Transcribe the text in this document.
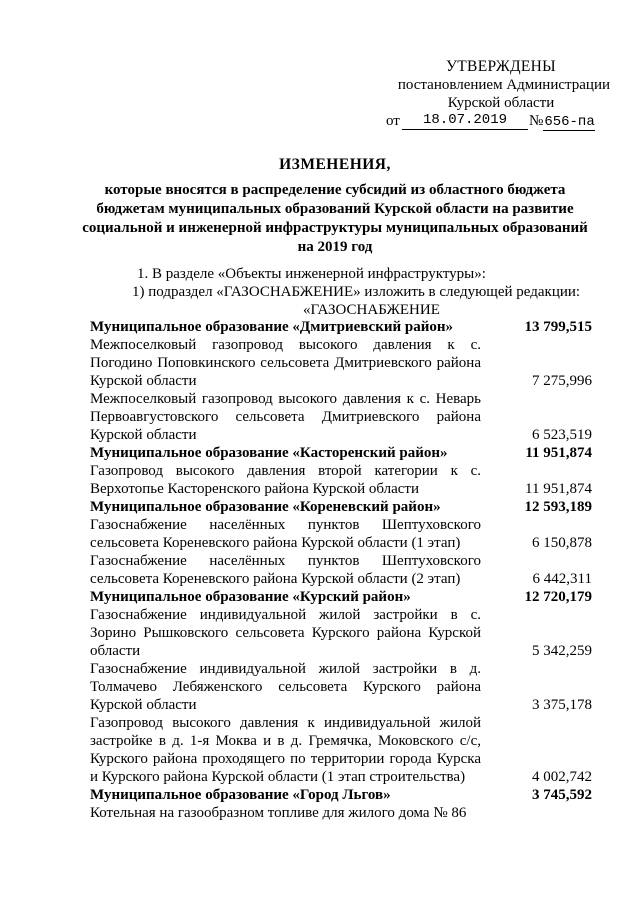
УТВЕРЖДЕНЫ
постановлением Администрации
Курской области
от	18.07.2019	№656-па
ИЗМЕНЕНИЯ,
которые вносятся в распределение субсидий из областного бюджета
бюджетам муниципальных образований Курской области на развитие
социальной и инженерной инфраструктуры муниципальных образований
на 2019 год
1. В разделе «Объекты инженерной инфраструктуры»:
1) подраздел «ГАЗОСНАБЖЕНИЕ» изложить в следующей редакции:
«ГАЗОСНАБЖЕНИЕ
Муниципальное образование «Дмитриевский район»	13 799,515
Межпоселковый газопровод высокого давления к с. Погодино Поповкинского сельсовета Дмитриевского района Курской области	7 275,996
Межпоселковый газопровод высокого давления к с. Неварь Первоавгустовского сельсовета Дмитриевского района Курской области	6 523,519
Муниципальное образование «Касторенский район»	11 951,874
Газопровод высокого давления второй категории к с. Верхотопье Касторенского района Курской области	11 951,874
Муниципальное образование «Кореневский район»	12 593,189
Газоснабжение населённых пунктов Шептуховского сельсовета Кореневского района Курской области (1 этап)	6 150,878
Газоснабжение населённых пунктов Шептуховского сельсовета Кореневского района Курской области (2 этап)	6 442,311
Муниципальное образование «Курский район»	12 720,179
Газоснабжение индивидуальной жилой застройки в с. Зорино Рышковского сельсовета Курского района Курской области	5 342,259
Газоснабжение индивидуальной жилой застройки в д. Толмачево Лебяженского сельсовета Курского района Курской области	3 375,178
Газопровод высокого давления к индивидуальной жилой застройке в д. 1-я Моква и в д. Гремячка, Моковского с/с, Курского района проходящего по территории города Курска и Курского района Курской области (1 этап строительства)	4 002,742
Муниципальное образование «Город Льгов»	3 745,592
Котельная на газообразном топливе для жилого дома № 86
